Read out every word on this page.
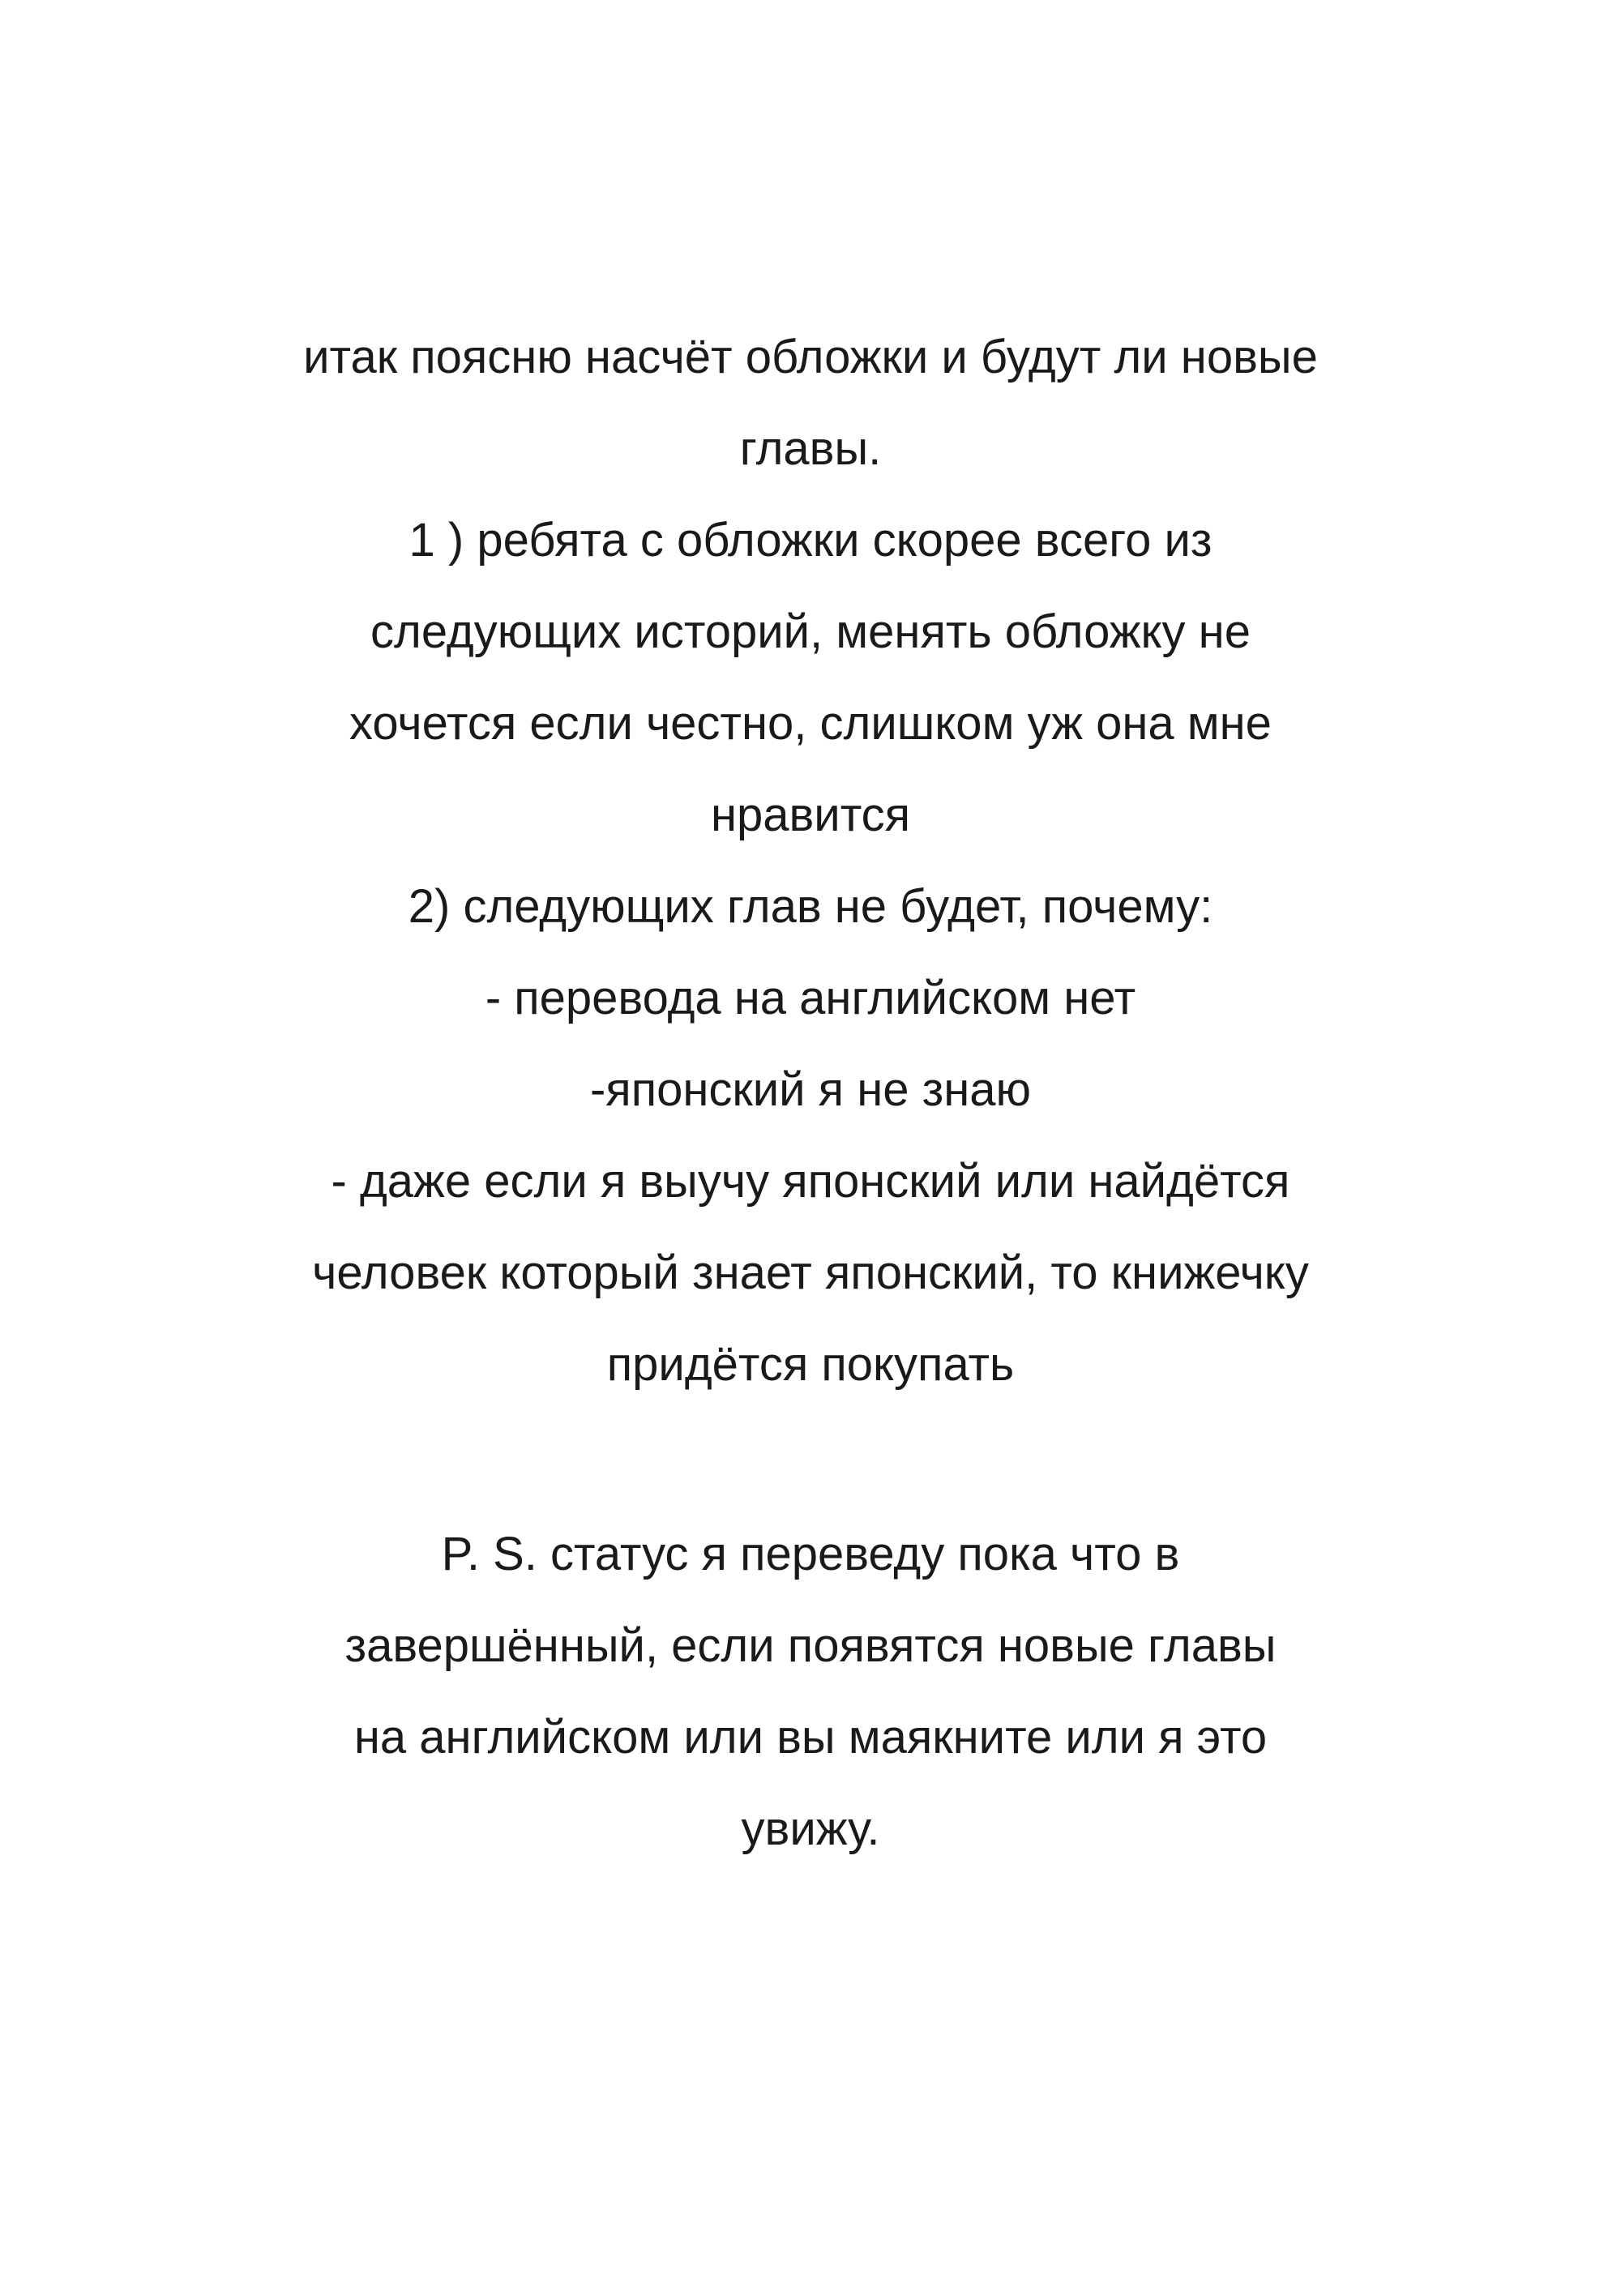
итак поясню насчёт обложки и будут ли новые
главы.
1 ) ребята с обложки скорее всего из
следующих историй, менять обложку не
хочется если честно, слишком уж она мне
нравится
2) следующих глав не будет, почему:
- перевода на английском нет
-японский я не знаю
- даже если я выучу японский или найдётся
человек который знает японский, то книжечку
придётся покупать
P. S. статус я переведу пока что в
завершённый, если появятся новые главы
на английском или вы маякните или я это
увижу.
